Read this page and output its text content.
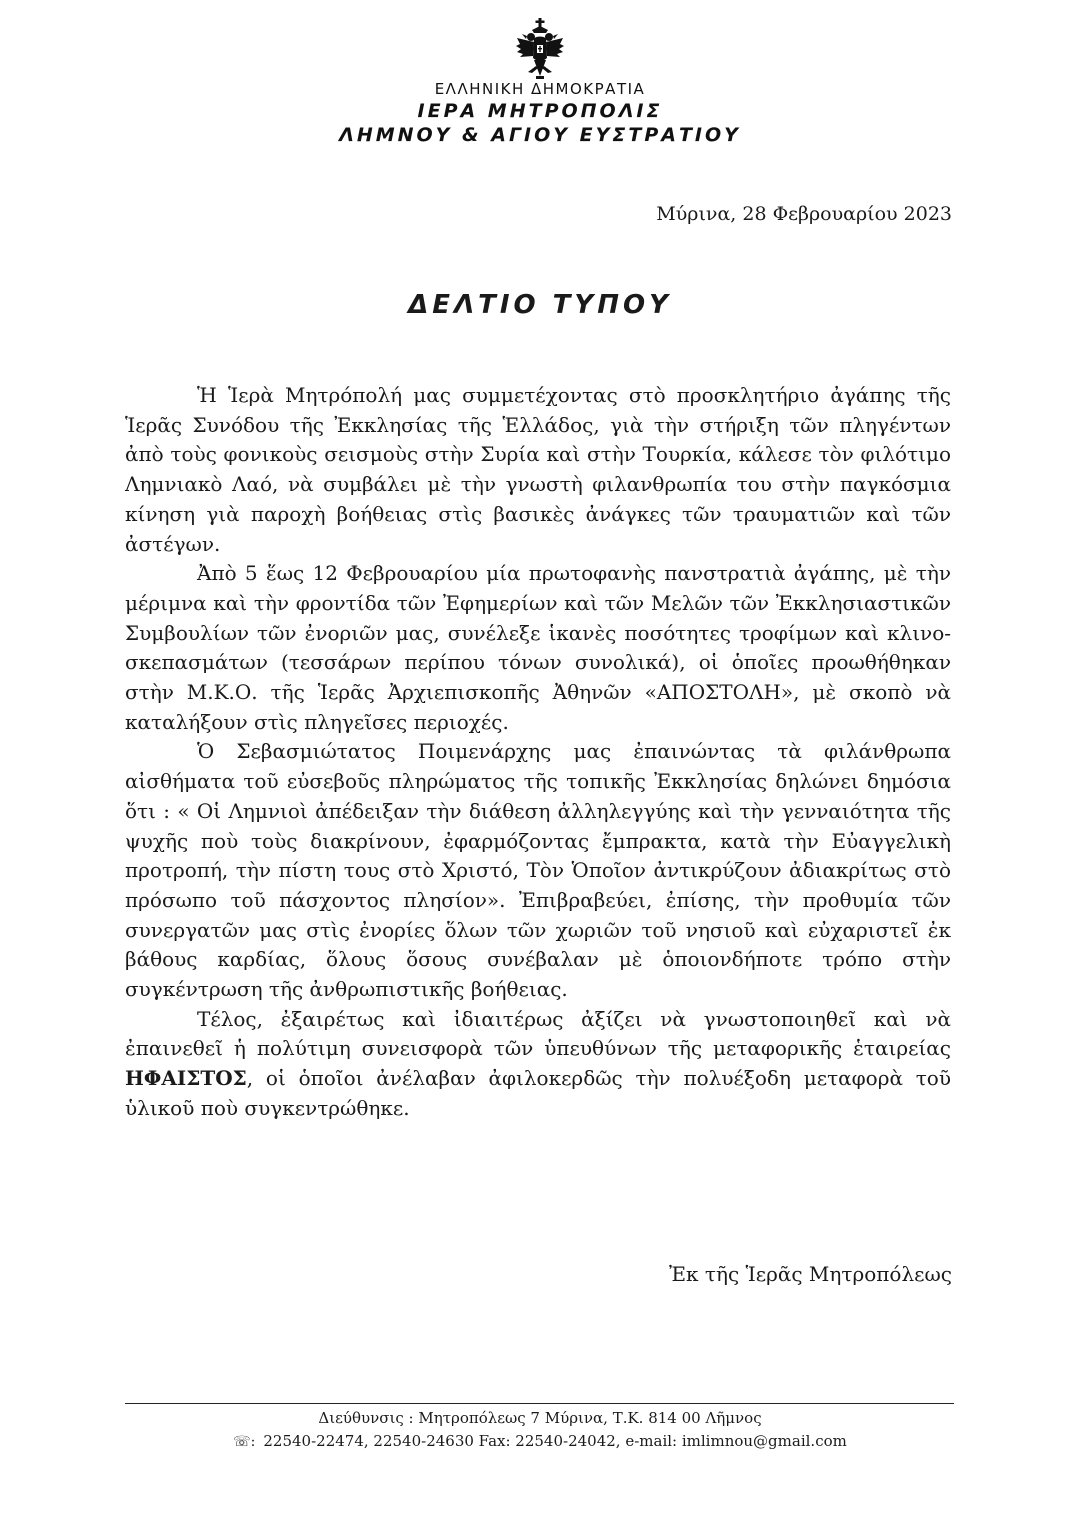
ΕΛΛΗΝΙΚΗ ΔΗΜΟΚΡΑΤΙΑ
ΙΕΡΑ ΜΗΤΡΟΠΟΛΙΣ
ΛΗΜΝΟΥ & ΑΓΙΟΥ ΕΥΣΤΡΑΤΙΟΥ
Μύρινα, 28 Φεβρουαρίου 2023
ΔΕΛΤΙΟ ΤΥΠΟΥ

Ἡ Ἱερὰ Μητρόπολή μας συμμετέχοντας στὸ προσκλητήριο ἀγάπης τῆς Ἱερᾶς Συνόδου τῆς Ἐκκλησίας τῆς Ἑλλάδος, γιὰ τὴν στήριξη τῶν πληγέντων ἀπὸ τοὺς φονικοὺς σεισμοὺς στὴν Συρία καὶ στὴν Τουρκία, κάλεσε τὸν φιλότιμο Λημνιακὸ Λαό, νὰ συμβάλει μὲ τὴν γνωστὴ φιλανθρωπία του στὴν παγκόσμια κίνηση γιὰ παροχὴ βοήθειας στὶς βασικὲς ἀνάγκες τῶν τραυματιῶν καὶ τῶν ἀστέγων.

Ἀπὸ 5 ἕως 12 Φεβρουαρίου μία πρωτοφανὴς πανστρατιὰ ἀγάπης, μὲ τὴν μέριμνα καὶ τὴν φροντίδα τῶν Ἐφημερίων καὶ τῶν Μελῶν τῶν Ἐκκλησιαστικῶν Συμβουλίων τῶν ἐνοριῶν μας, συνέλεξε ἱκανὲς ποσότητες τροφίμων καὶ κλινο-σκεπασμάτων (τεσσάρων περίπου τόνων συνολικά), οἱ ὁποῖες προωθήθηκαν στὴν Μ.Κ.Ο. τῆς Ἱερᾶς Ἀρχιεπισκοπῆς Ἀθηνῶν «ΑΠΟΣΤΟΛΗ», μὲ σκοπὸ νὰ καταλήξουν στὶς πληγεῖσες περιοχές.

Ὁ Σεβασμιώτατος Ποιμενάρχης μας ἐπαινώντας τὰ φιλάνθρωπα αἰσθήματα τοῦ εὐσεβοῦς πληρώματος τῆς τοπικῆς Ἐκκλησίας δηλώνει δημόσια ὅτι : « Οἱ Λημνιοὶ ἀπέδειξαν τὴν διάθεση ἀλληλεγγύης καὶ τὴν γενναιότητα τῆς ψυχῆς ποὺ τοὺς διακρίνουν, ἐφαρμόζοντας ἔμπρακτα, κατὰ τὴν Εὐαγγελικὴ προτροπή, τὴν πίστη τους στὸ Χριστό, Τὸν Ὁποῖον ἀντικρύζουν ἀδιακρίτως στὸ πρόσωπο τοῦ πάσχοντος πλησίον». Ἐπιβραβεύει, ἐπίσης, τὴν προθυμία τῶν συνεργατῶν μας στὶς ἐνορίες ὅλων τῶν χωριῶν τοῦ νησιοῦ καὶ εὐχαριστεῖ ἐκ βάθους καρδίας, ὅλους ὅσους συνέβαλαν μὲ ὁποιονδήποτε τρόπο στὴν συγκέντρωση τῆς ἀνθρωπιστικῆς βοήθειας.

Τέλος, ἐξαιρέτως καὶ ἰδιαιτέρως ἀξίζει νὰ γνωστοποιηθεῖ καὶ νὰ ἐπαινεθεῖ ἡ πολύτιμη συνεισφορὰ τῶν ὑπευθύνων τῆς μεταφορικῆς ἑταιρείας ΗΦΑΙΣΤΟΣ, οἱ ὁποῖοι ἀνέλαβαν ἀφιλοκερδῶς τὴν πολυέξοδη μεταφορὰ τοῦ ὑλικοῦ ποὺ συγκεντρώθηκε.

Ἐκ τῆς Ἱερᾶς Μητροπόλεως
Διεύθυνσις : Μητροπόλεως 7 Μύρινα, Τ.Κ. 814 00 Λῆμνος
☏: 22540-22474, 22540-24630 Fax: 22540-24042, e-mail: imlimnou@gmail.com
